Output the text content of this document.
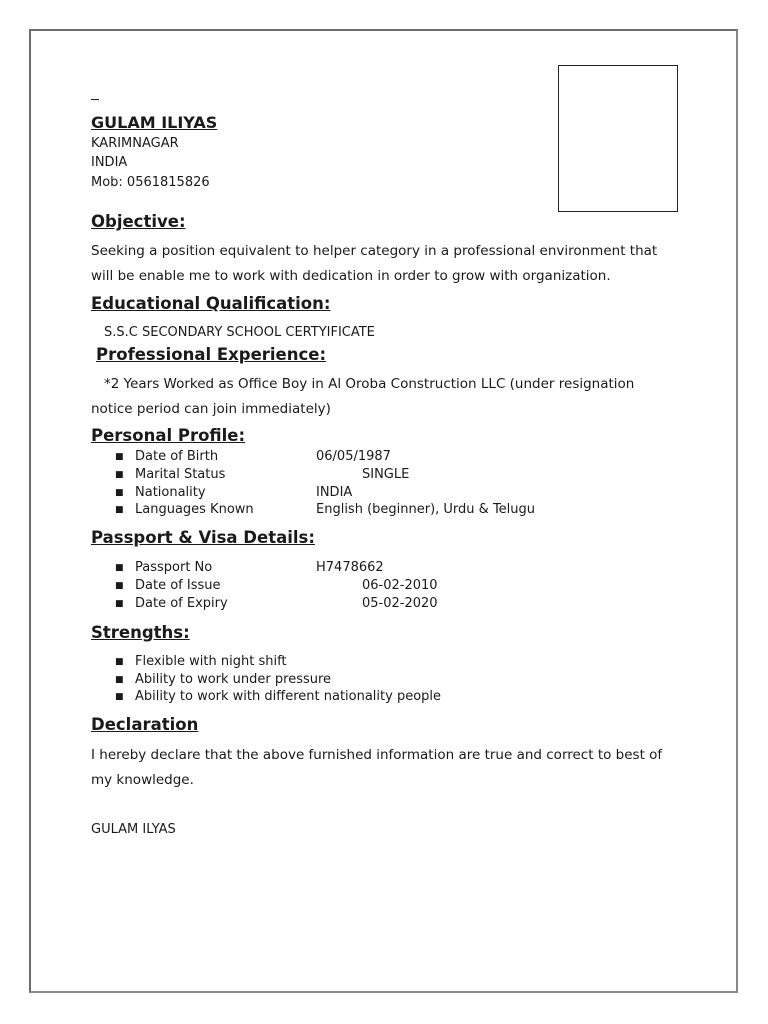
GULAM ILIYAS
KARIMNAGAR
INDIA
Mob: 0561815826
Objective:
Seeking a position equivalent to helper category in a professional environment that
will be enable me to work with dedication in order to grow with organization.
Educational Qualification:
S.S.C SECONDARY SCHOOL CERTYIFICATE
Professional Experience:
*2 Years Worked as Office Boy in Al Oroba Construction LLC (under resignation
notice period can join immediately)
Personal Profile:
■ Date of Birth	06/05/1987
■ Marital Status	SINGLE
■ Nationality	INDIA
■ Languages Known	English (beginner), Urdu & Telugu
Passport & Visa Details:
■ Passport No	H7478662
■ Date of Issue	06-02-2010
■ Date of Expiry	05-02-2020
Strengths:
■ Flexible with night shift
■ Ability to work under pressure
■ Ability to work with different nationality people
Declaration
I hereby declare that the above furnished information are true and correct to best of
my knowledge.
GULAM ILYAS
